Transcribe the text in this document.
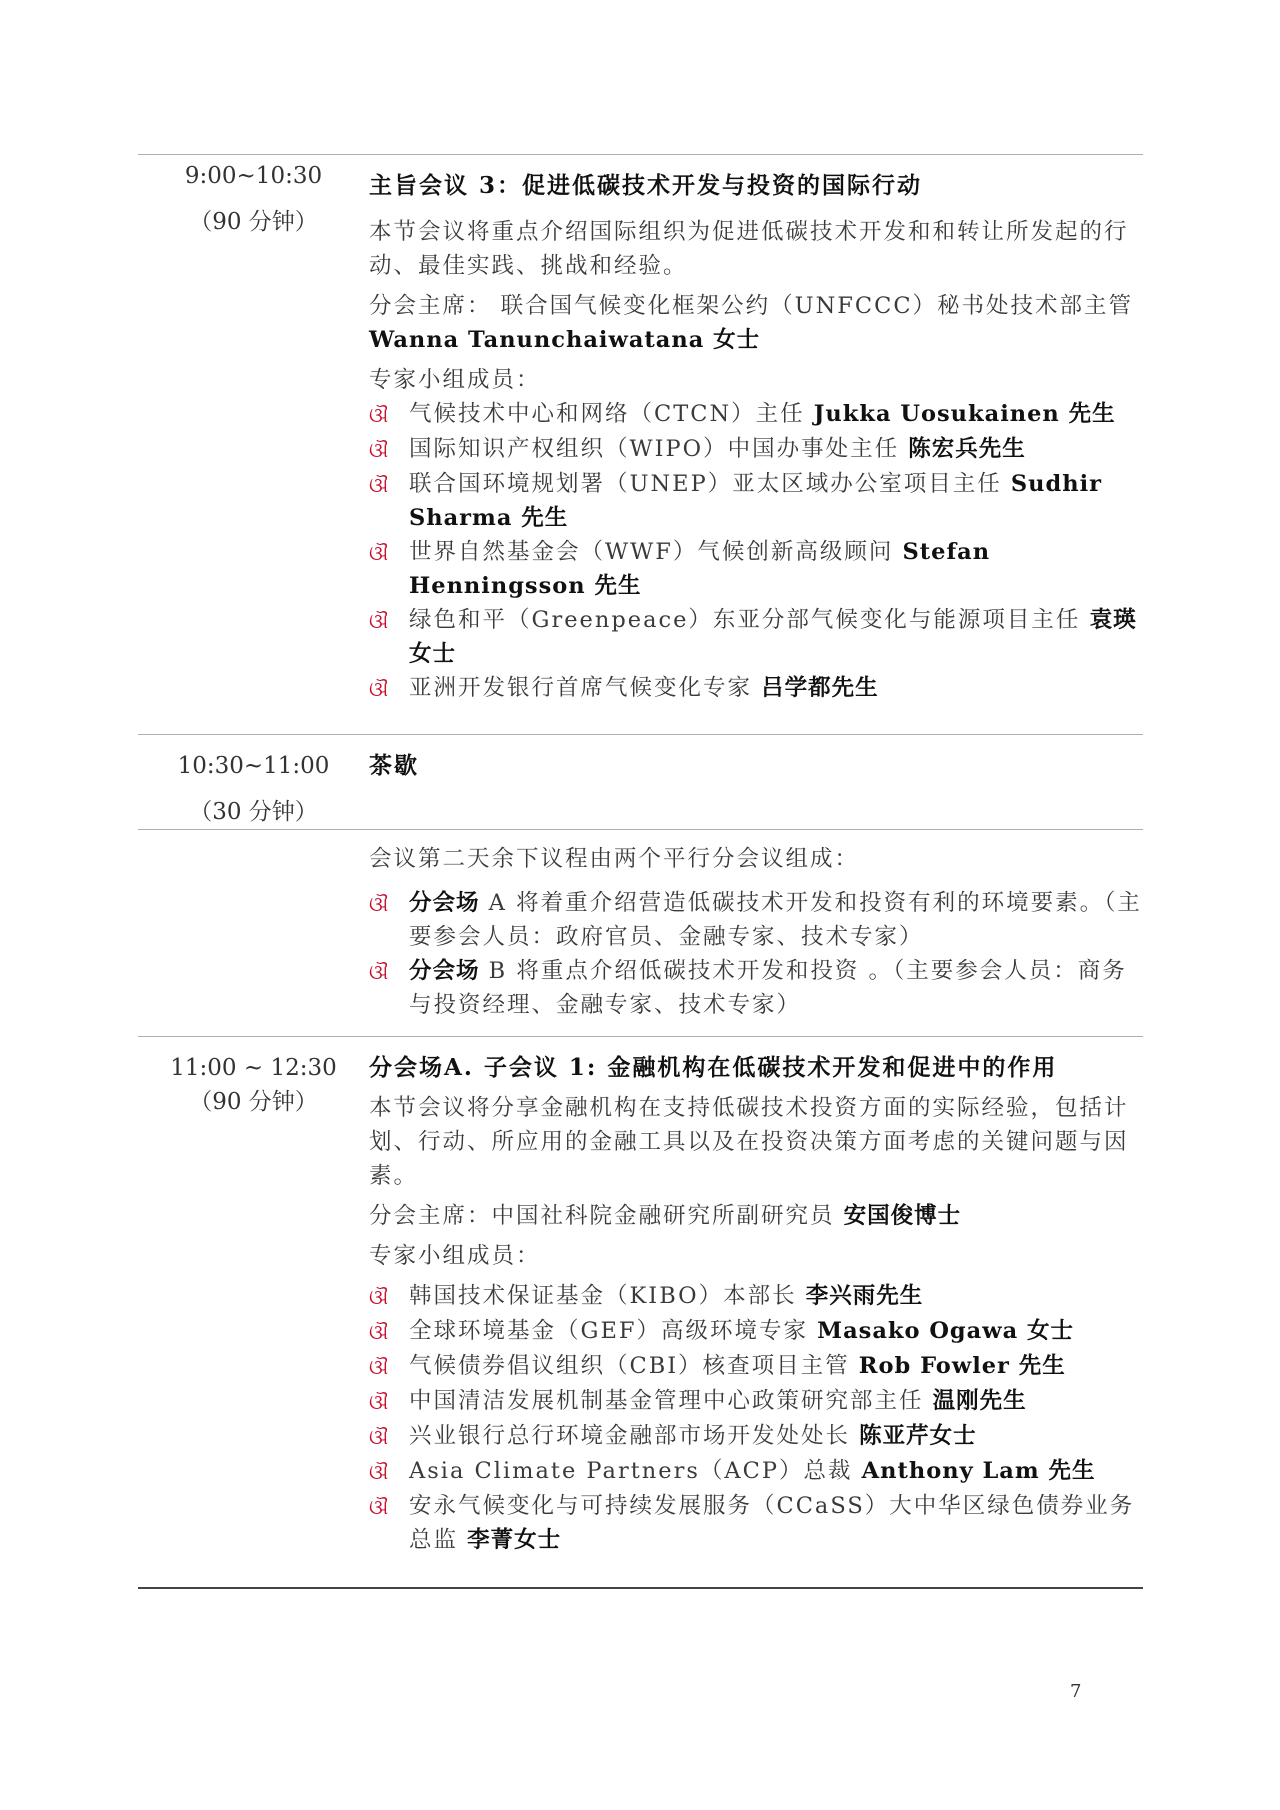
9:00~10:30
（90 分钟）
主旨会议 3：促进低碳技术开发与投资的国际行动
本节会议将重点介绍国际组织为促进低碳技术开发和和转让所发起的行动、最佳实践、挑战和经验。
分会主席： 联合国气候变化框架公约（UNFCCC）秘书处技术部主管 Wanna Tanunchaiwatana 女士
专家小组成员：
ଔ 气候技术中心和网络（CTCN）主任 Jukka Uosukainen 先生
ଔ 国际知识产权组织（WIPO）中国办事处主任 陈宏兵先生
ଔ 联合国环境规划署（UNEP）亚太区域办公室项目主任 Sudhir Sharma 先生
ଔ 世界自然基金会（WWF）气候创新高级顾问 Stefan Henningsson 先生
ଔ 绿色和平（Greenpeace）东亚分部气候变化与能源项目主任 袁瑛女士
ଔ 亚洲开发银行首席气候变化专家 吕学都先生
10:30~11:00
（30 分钟）
茶歇
会议第二天余下议程由两个平行分会议组成：
ଔ 分会场 A 将着重介绍营造低碳技术开发和投资有利的环境要素。（主要参会人员：政府官员、金融专家、技术专家）
ଔ 分会场 B 将重点介绍低碳技术开发和投资 。（主要参会人员：商务与投资经理、金融专家、技术专家）
11:00 ~ 12:30
（90 分钟）
分会场A. 子会议 1: 金融机构在低碳技术开发和促进中的作用
本节会议将分享金融机构在支持低碳技术投资方面的实际经验，包括计划、行动、所应用的金融工具以及在投资决策方面考虑的关键问题与因素。
分会主席：中国社科院金融研究所副研究员 安国俊博士
专家小组成员：
ଔ 韩国技术保证基金（KIBO）本部长 李兴雨先生
ଔ 全球环境基金（GEF）高级环境专家 Masako Ogawa 女士
ଔ 气候债券倡议组织（CBI）核查项目主管 Rob Fowler 先生
ଔ 中国清洁发展机制基金管理中心政策研究部主任 温刚先生
ଔ 兴业银行总行环境金融部市场开发处处长 陈亚芹女士
ଔ Asia Climate Partners（ACP）总裁 Anthony Lam 先生
ଔ 安永气候变化与可持续发展服务（CCaSS）大中华区绿色债券业务总监 李菁女士
7
